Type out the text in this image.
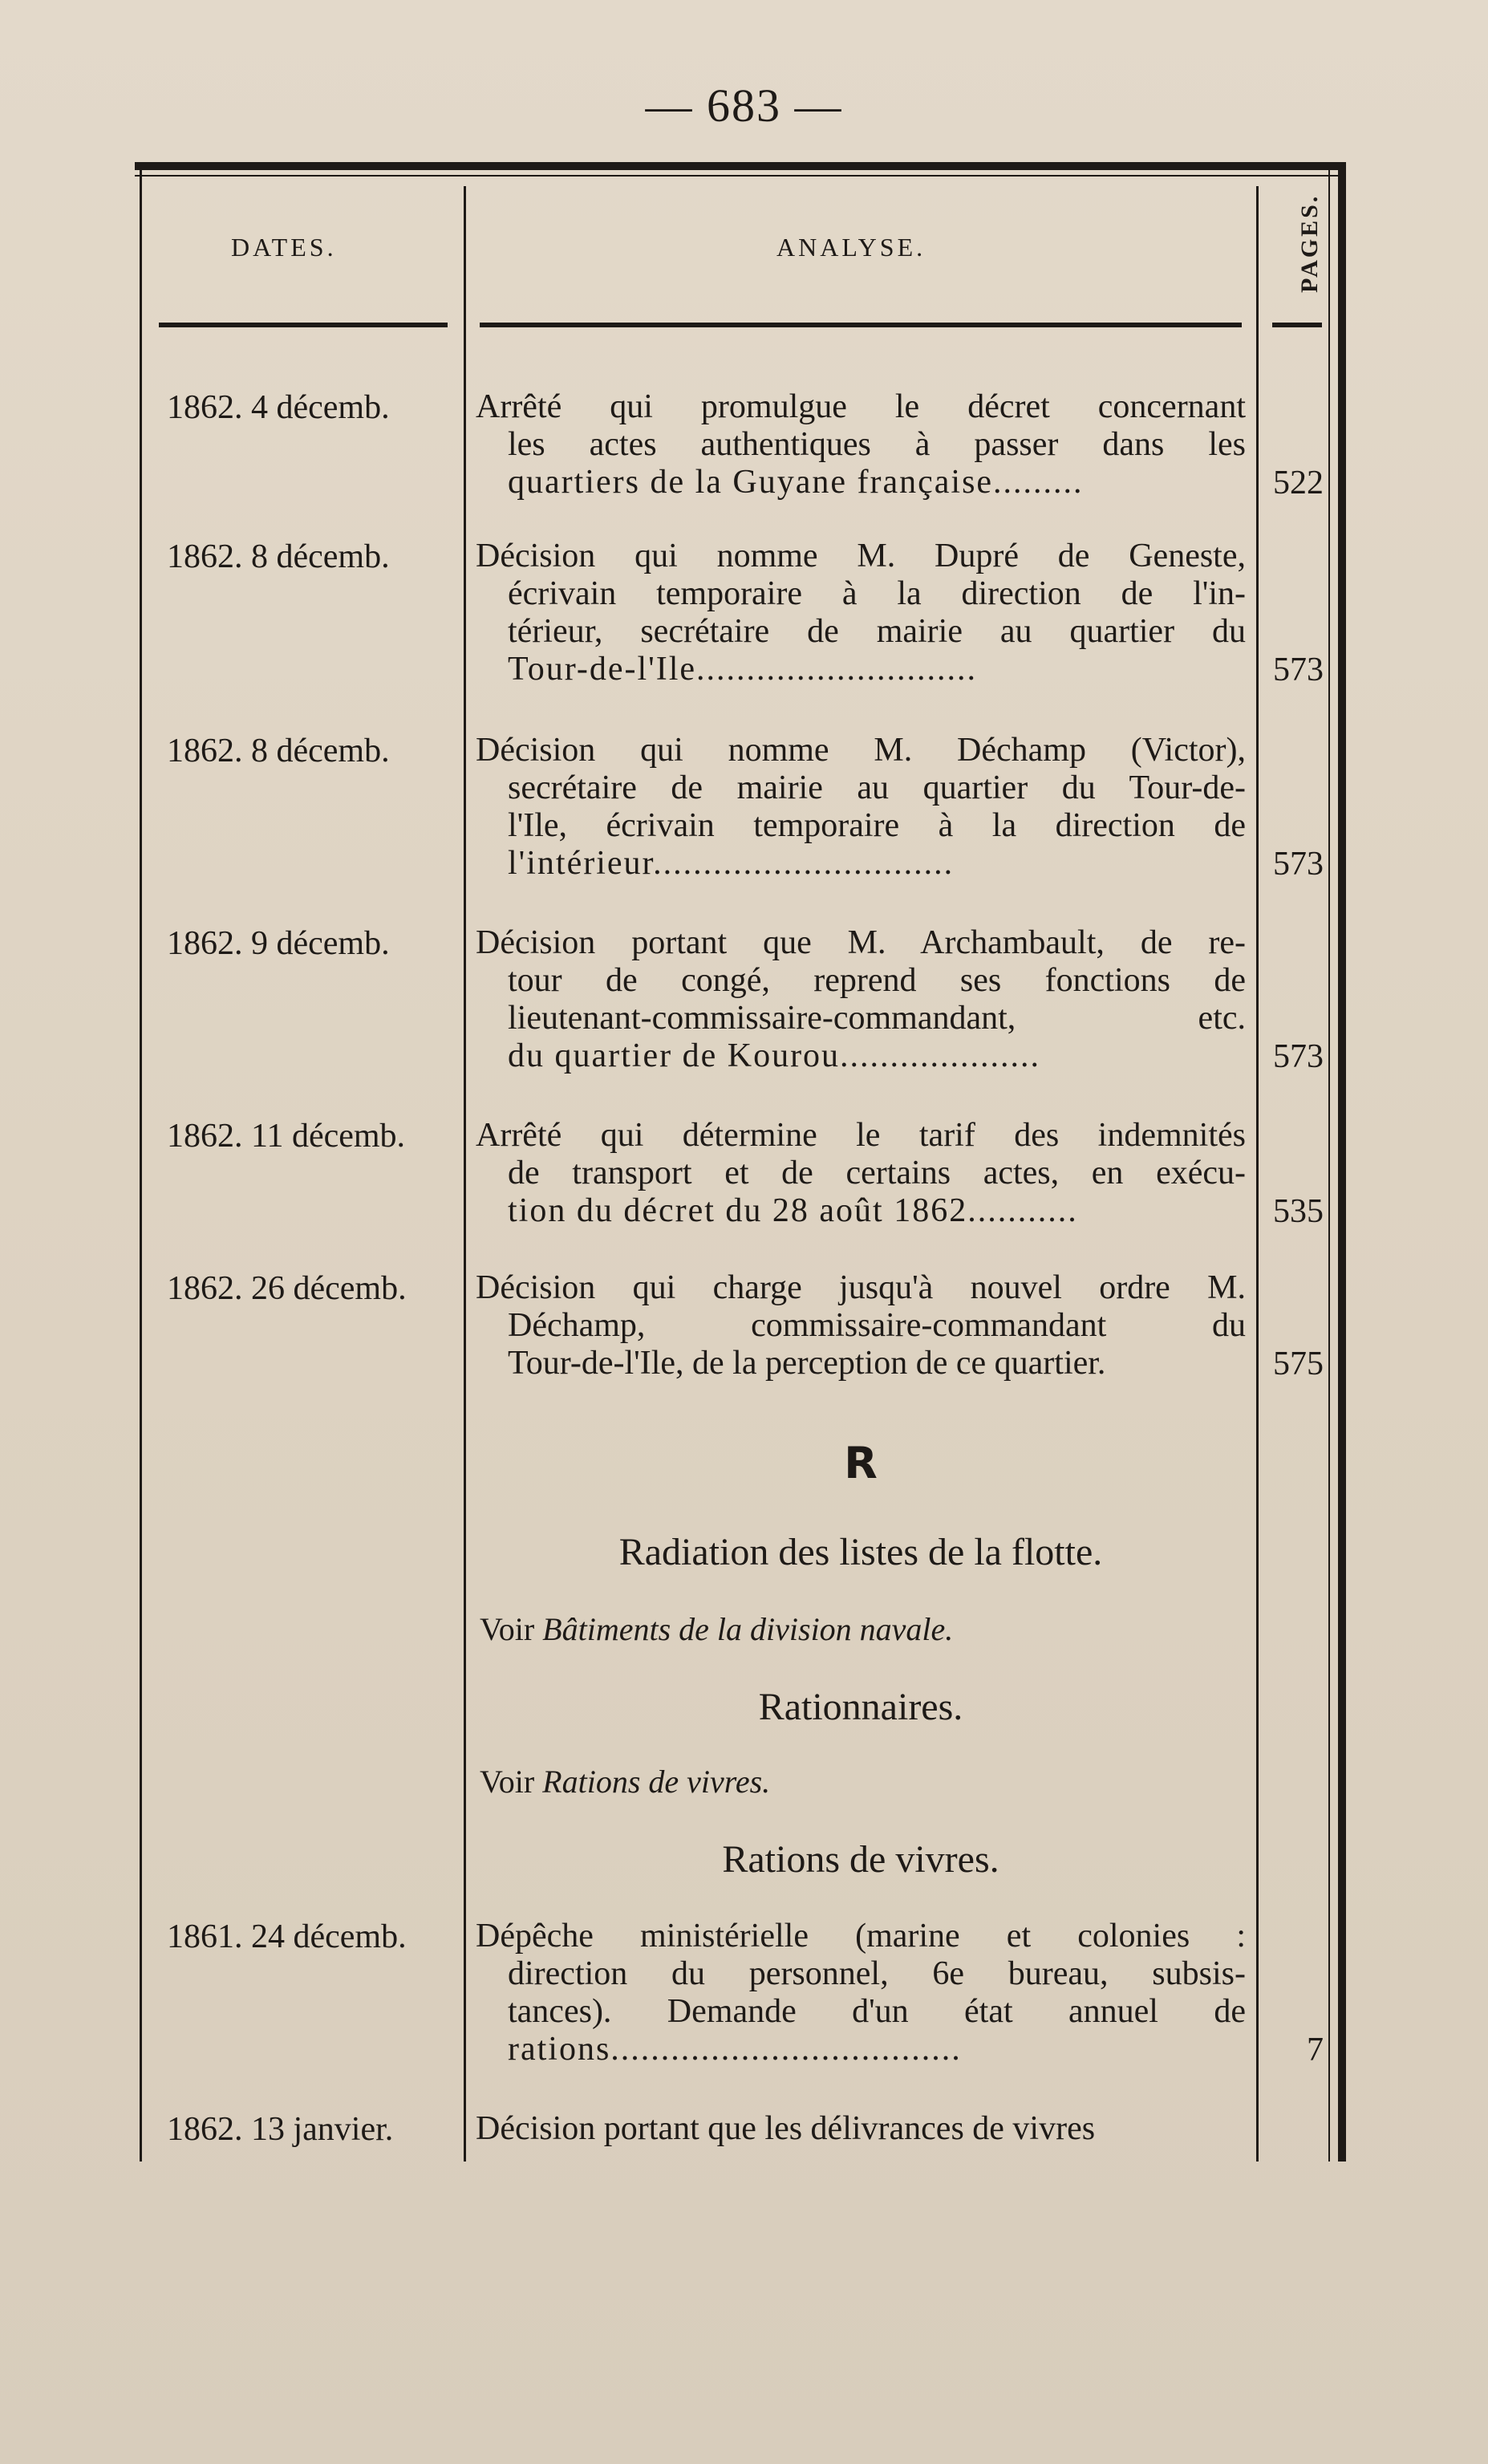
— 683 —
DATES.	ANALYSE.	PAGES.
1862. 4 décemb.	Arrêté qui promulgue le décret concernant
les actes authentiques à passer dans les
quartiers de la Guyane française.........	522
1862. 8 décemb.	Décision qui nomme M. Dupré de Geneste,
écrivain temporaire à la direction de l'in-
térieur, secrétaire de mairie au quartier du
Tour-de-l'Ile............................	573
1862. 8 décemb.	Décision qui nomme M. Déchamp (Victor),
secrétaire de mairie au quartier du Tour-de-
l'Ile, écrivain temporaire à la direction de
l'intérieur..............................	573
1862. 9 décemb.	Décision portant que M. Archambault, de re-
tour de congé, reprend ses fonctions de
lieutenant-commissaire-commandant, etc.
du quartier de Kourou....................	573
1862. 11 décemb. Arrêté qui détermine le tarif des indemnités
de transport et de certains actes, en exécu-
tion du décret du 28 août 1862...........	535
1862. 26 décemb. Décision qui charge jusqu'à nouvel ordre M.
Déchamp, commissaire-commandant du
Tour-de-l'Ile, de la perception de ce quartier.	575
R
Radiation des listes de la flotte.
Voir Bâtiments de la division navale.
Rationnaires.
Voir Rations de vivres.
Rations de vivres.
1861. 24 décemb. Dépêche ministérielle (marine et colonies :
direction du personnel, 6e bureau, subsis-
tances). Demande d'un état annuel de
rations...................................	7
1862. 13 janvier. Décision portant que les délivrances de vivres
